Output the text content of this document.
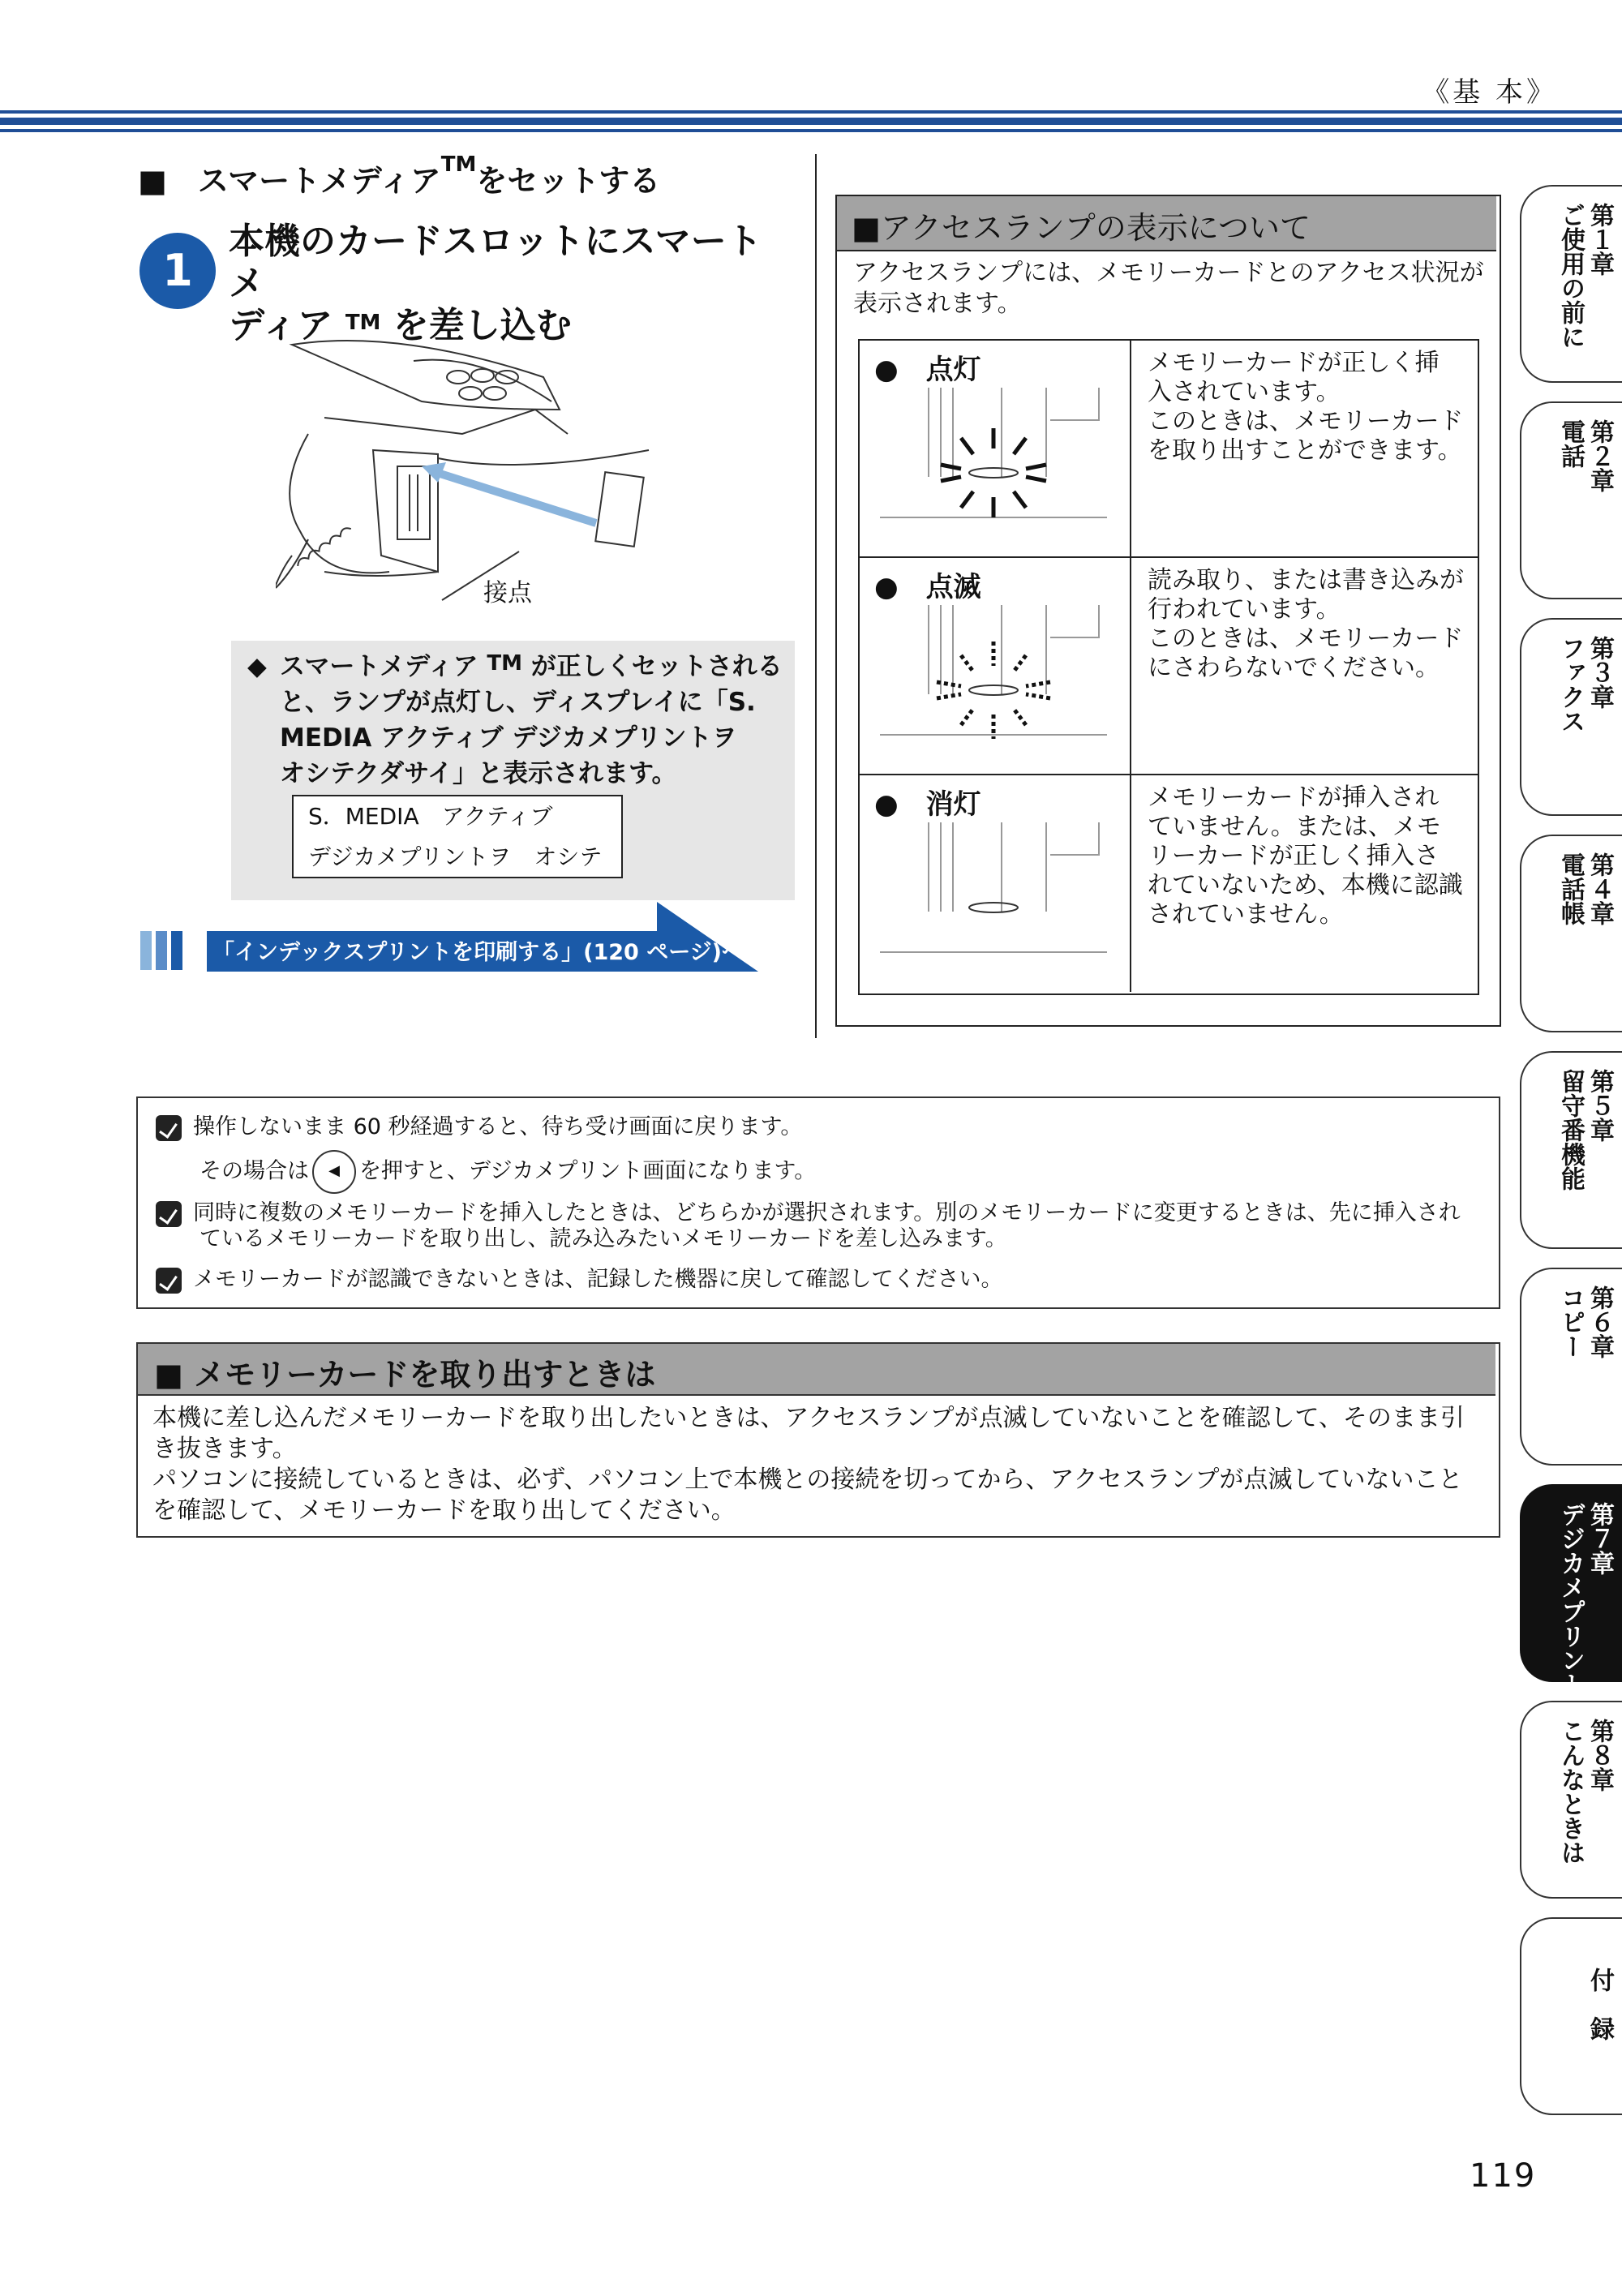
《基 本》
■　スマートメディア™をセットする
1
本機のカードスロットにスマートメ
ディア ™ を差し込む
接点
◆ スマートメディア ™ が正しくセットされる
と、ランプが点灯し、ディスプレイに「S.
MEDIA アクティブ デジカメプリントヲ
オシテクダサイ」と表示されます。
S．MEDIA　アクティブ
デジカメプリントヲ　オシテ
「インデックスプリントを印刷する」(120 ページ)へ
■アクセスランプの表示について
アクセスランプには、メモリーカードとのアクセス状況が
表示されます。
●　点灯	メモリーカードが正しく挿
入されています。
このときは、メモリーカード
を取り出すことができます。
●　点滅	読み取り、または書き込みが
行われています。
このときは、メモリーカード
にさわらないでください。
●　消灯	メモリーカードが挿入され
ていません。または、メモ
リーカードが正しく挿入さ
れていないため、本機に認識
されていません。
操作しないまま 60 秒経過すると、待ち受け画面に戻ります。
その場合は ◀ を押すと、デジカメプリント画面になります。
同時に複数のメモリーカードを挿入したときは、どちらかが選択されます。別のメモリーカードに変更するときは、先に挿入され
ているメモリーカードを取り出し、読み込みたいメモリーカードを差し込みます。
メモリーカードが認識できないときは、記録した機器に戻して確認してください。
■ メモリーカードを取り出すときは
本機に差し込んだメモリーカードを取り出したいときは、アクセスランプが点滅していないことを確認して、そのまま引
き抜きます。
パソコンに接続しているときは、必ず、パソコン上で本機との接続を切ってから、アクセスランプが点滅していないこと
を確認して、メモリーカードを取り出してください。
第１章
ご使用の前に
第２章
電話
第３章
ファクス
第４章
電話帳
第５章
留守番機能
第６章
コピー
第７章
デジカメプリント
第８章
こんなときは
付　録
119
